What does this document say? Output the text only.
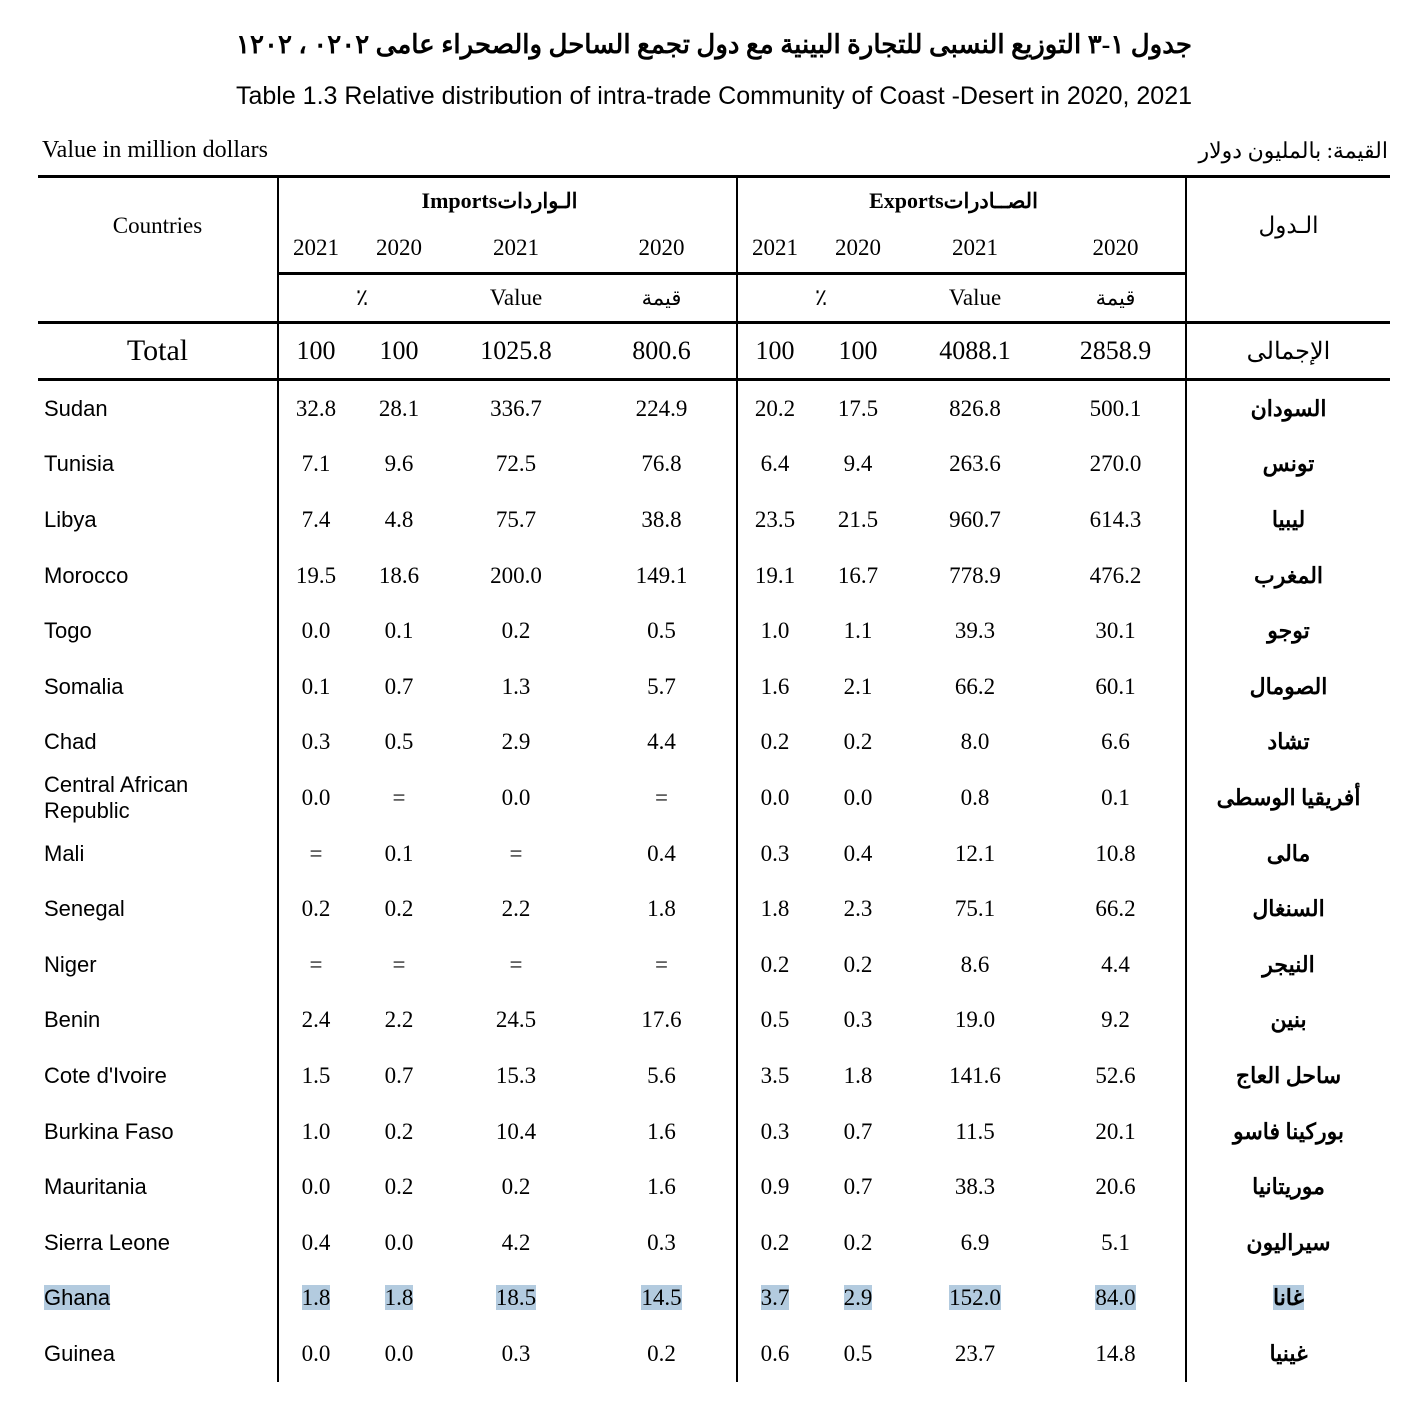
جدول ١-٣ التوزيع النسبى للتجارة البينية مع دول تجمع الساحل والصحراء عامى ٢٠٢٠ ، ٢٠٢١
Table 1.3 Relative distribution of intra-trade Community of Coast -Desert in 2020, 2021
Value in million dollars	القيمة: بالمليون دولار
Countries	Importsالـواردات				Exportsالصــادرات				الـدول
	2021	2020	2021	2020	2021	2020	2021	2020	
	٪		Value	قيمة	٪		Value	قيمة	
Total	100	100	1025.8	800.6	100	100	4088.1	2858.9	الإجمالى
Sudan	32.8	28.1	336.7	224.9	20.2	17.5	826.8	500.1	السودان
Tunisia	7.1	9.6	72.5	76.8	6.4	9.4	263.6	270.0	تونس
Libya	7.4	4.8	75.7	38.8	23.5	21.5	960.7	614.3	ليبيا
Morocco	19.5	18.6	200.0	149.1	19.1	16.7	778.9	476.2	المغرب
Togo	0.0	0.1	0.2	0.5	1.0	1.1	39.3	30.1	توجو
Somalia	0.1	0.7	1.3	5.7	1.6	2.1	66.2	60.1	الصومال
Chad	0.3	0.5	2.9	4.4	0.2	0.2	8.0	6.6	تشاد
Central African Republic	0.0	=	0.0	=	0.0	0.0	0.8	0.1	أفريقيا الوسطى
Mali	=	0.1	=	0.4	0.3	0.4	12.1	10.8	مالى
Senegal	0.2	0.2	2.2	1.8	1.8	2.3	75.1	66.2	السنغال
Niger	=	=	=	=	0.2	0.2	8.6	4.4	النيجر
Benin	2.4	2.2	24.5	17.6	0.5	0.3	19.0	9.2	بنين
Cote d'Ivoire	1.5	0.7	15.3	5.6	3.5	1.8	141.6	52.6	ساحل العاج
Burkina Faso	1.0	0.2	10.4	1.6	0.3	0.7	11.5	20.1	بوركينا فاسو
Mauritania	0.0	0.2	0.2	1.6	0.9	0.7	38.3	20.6	موريتانيا
Sierra Leone	0.4	0.0	4.2	0.3	0.2	0.2	6.9	5.1	سيراليون
Ghana	1.8	1.8	18.5	14.5	3.7	2.9	152.0	84.0	غانا
Guinea	0.0	0.0	0.3	0.2	0.6	0.5	23.7	14.8	غينيا
